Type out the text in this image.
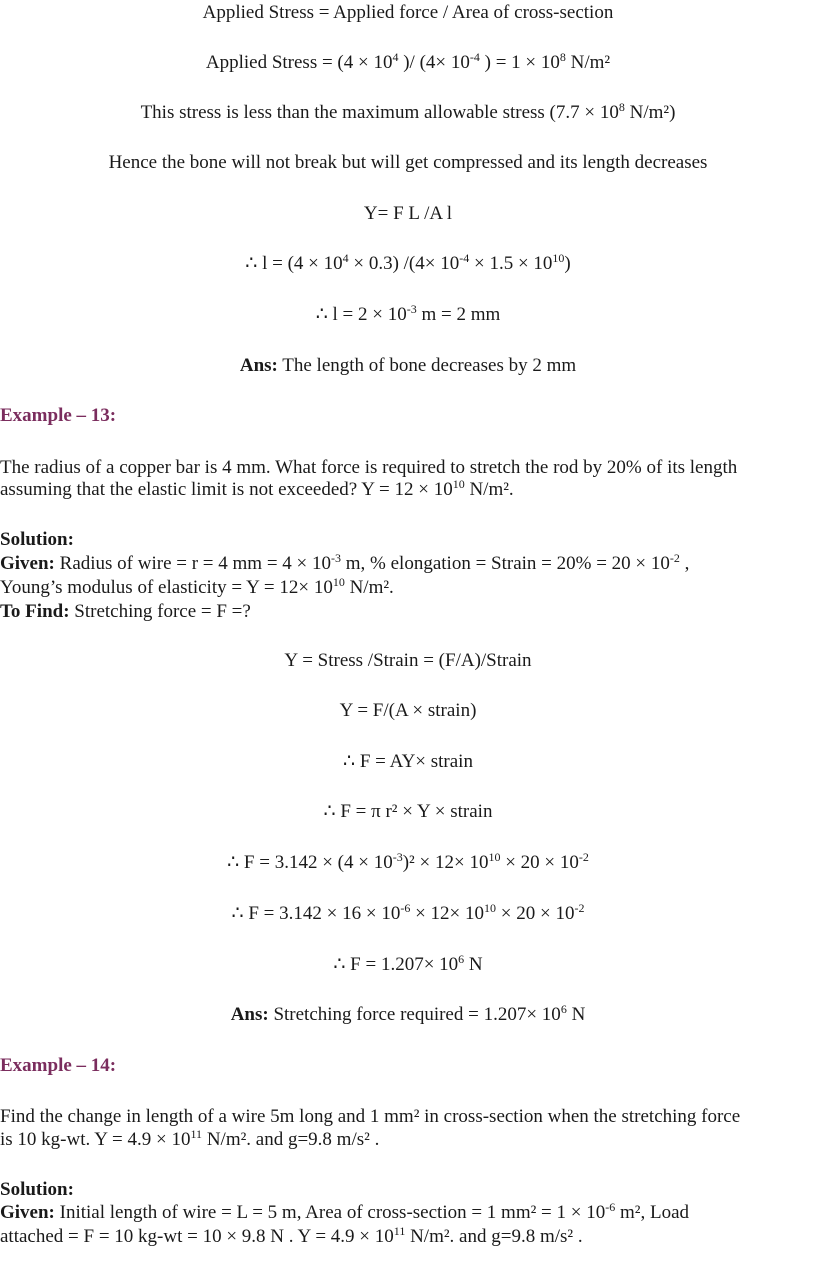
Applied Stress = Applied force / Area of cross-section
Applied Stress = ($4 \times 10^4$ )/ ($4\times 10^{-4}$ ) = $1 \times 10^8$ N/m²
This stress is less than the maximum allowable stress ($7.7 \times 10^8$ N/m²)
Hence the bone will not break but will get compressed and its length decreases
Y= F L /A l
∴ $l = (4 \times 10^4 \times 0.3)$ $/(4\times 10^{-4} \times 1.5 \times 10^{10})$
∴ $l = 2 \times 10^{-3}$ m = 2 mm
Ans: The length of bone decreases by 2 mm
Example – 13:
The radius of a copper bar is 4 mm. What force is required to stretch the rod by 20% of its length
assuming that the elastic limit is not exceeded? $Y = 12 \times 10^{10}$ N/m².
Solution:
Given: Radius of wire = r = 4 mm = $4 \times 10^{-3}$ m, % elongation = Strain = $20\% = 20 \times 10^{-2}$ ,
Young’s modulus of elasticity = $Y = 12\times 10^{10}$ N/m².
To Find: Stretching force = F =?
Y = Stress /Strain = (F/A)/Strain
Y = F/(A × strain)
∴ F = AY× strain
∴ F = π r² × Y × strain
∴ $F = 3.142 \times (4 \times 10^{-3})^2 \times 12\times 10^{10} \times 20 \times 10^{-2}$
∴ $F = 3.142 \times 16 \times 10^{-6} \times 12\times 10^{10} \times 20 \times 10^{-2}$
∴ $F = 1.207\times 10^6$ N
Ans: Stretching force required = $1.207\times 10^6$ N
Example – 14:
Find the change in length of a wire 5m long and 1 mm² in cross-section when the stretching force
is 10 kg-wt. $Y = 4.9 \times 10^{11}$ N/m². and g=9.8 m/s² .
Solution:
Given: Initial length of wire = L = 5 m, Area of cross-section = 1 $mm^2 = 1 \times 10^{-6}$ m², Load
attached = F = 10 kg-wt = 10 × 9.8 N . $Y = 4.9 \times 10^{11}$ N/m². and g=9.8 m/s² .
